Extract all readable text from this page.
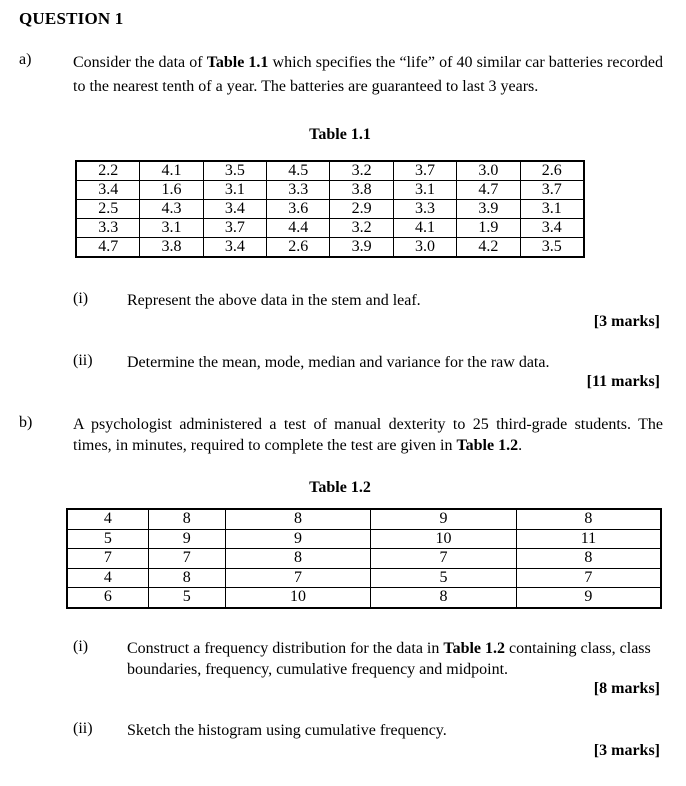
QUESTION 1
a)	Consider the data of Table 1.1 which specifies the “life” of 40 similar car batteries recorded to the nearest tenth of a year. The batteries are guaranteed to last 3 years.
Table 1.1
2.2	4.1	3.5	4.5	3.2	3.7	3.0	2.6
3.4	1.6	3.1	3.3	3.8	3.1	4.7	3.7
2.5	4.3	3.4	3.6	2.9	3.3	3.9	3.1
3.3	3.1	3.7	4.4	3.2	4.1	1.9	3.4
4.7	3.8	3.4	2.6	3.9	3.0	4.2	3.5
(i) Represent the above data in the stem and leaf.
[3 marks]
(ii) Determine the mean, mode, median and variance for the raw data.
[11 marks]
b)	A psychologist administered a test of manual dexterity to 25 third-grade students. The times, in minutes, required to complete the test are given in Table 1.2.
Table 1.2
4	8	8	9	8
5	9	9	10	11
7	7	8	7	8
4	8	7	5	7
6	5	10	8	9
(i) Construct a frequency distribution for the data in Table 1.2 containing class, class boundaries, frequency, cumulative frequency and midpoint.
[8 marks]
(ii) Sketch the histogram using cumulative frequency.
[3 marks]
